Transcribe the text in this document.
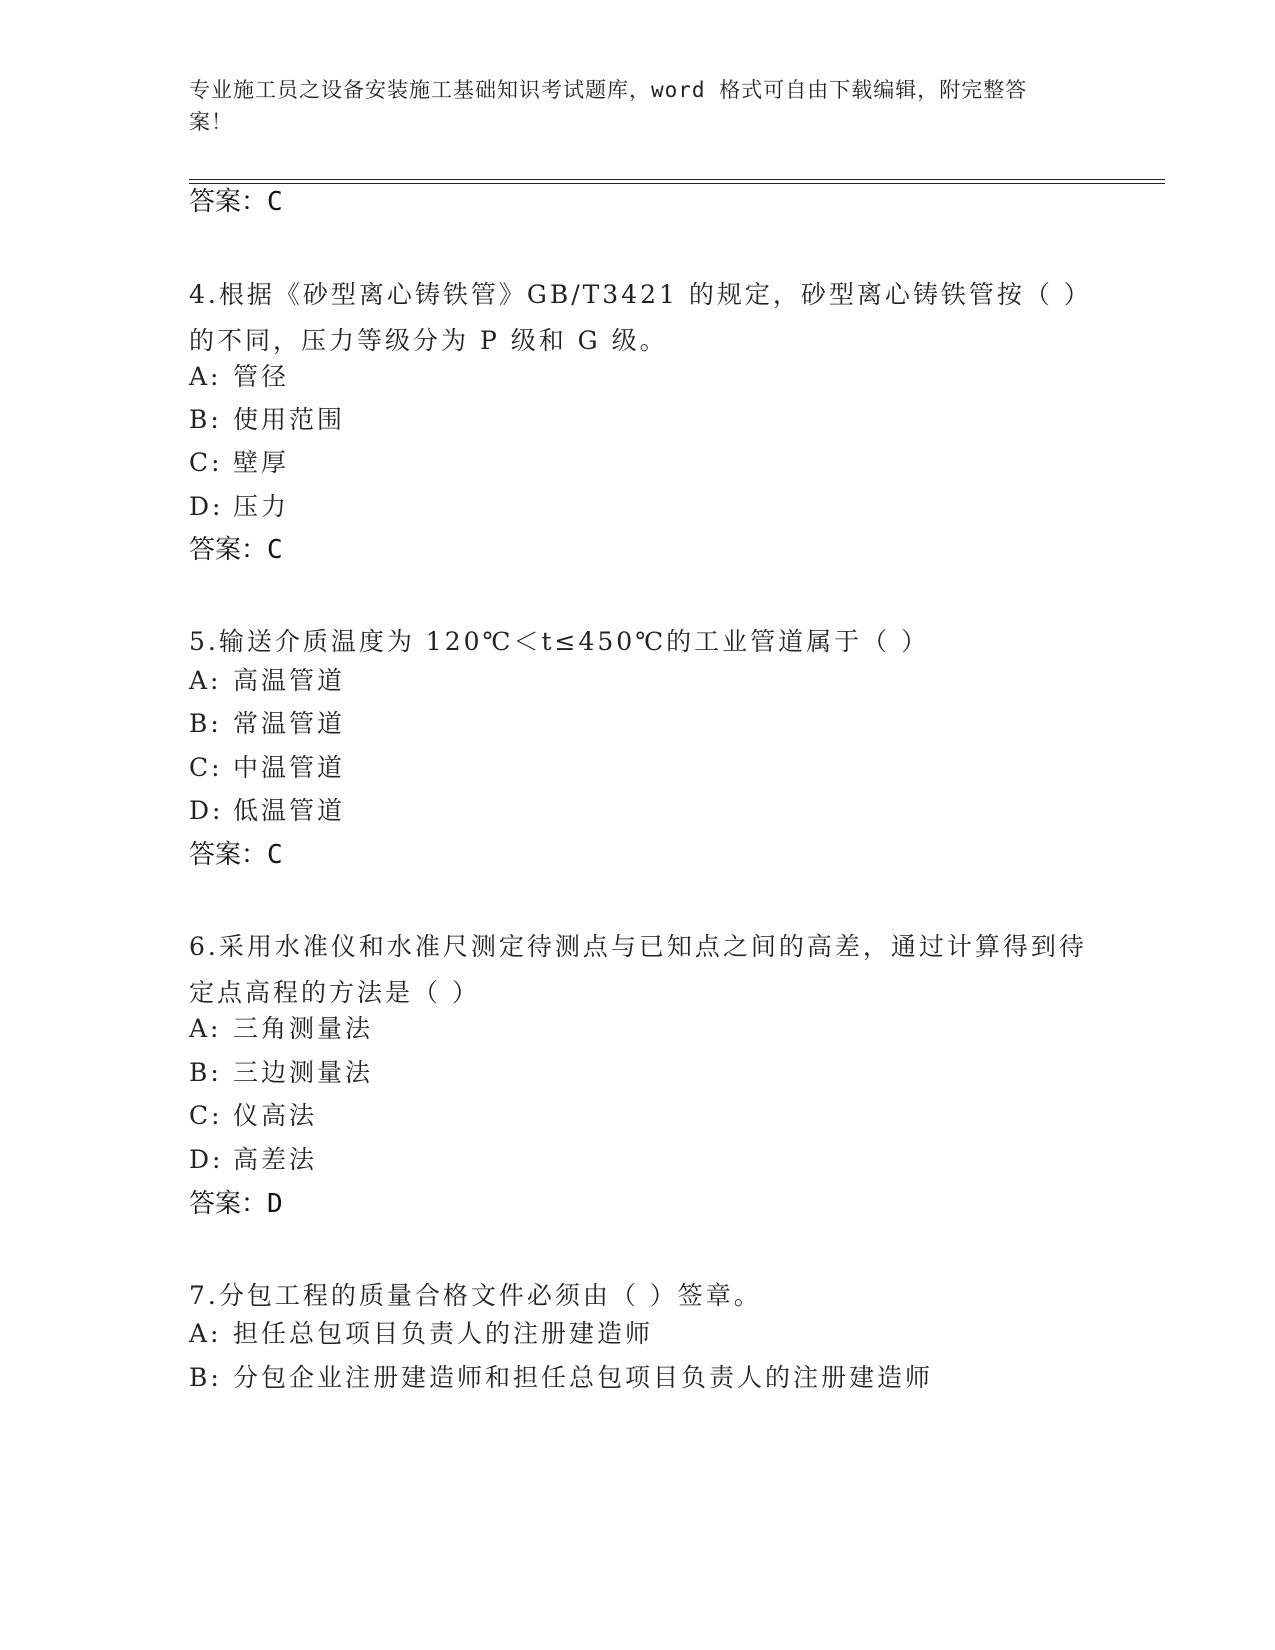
专业施工员之设备安装施工基础知识考试题库，word 格式可自由下载编辑，附完整答案！
答案：C

4.根据《砂型离心铸铁管》GB/T3421 的规定，砂型离心铸铁管按（ ）的不同，压力等级分为 P 级和 G 级。

A: 管径
B: 使用范围
C: 壁厚
D: 压力
答案：C

5.输送介质温度为 120℃＜t≤450℃的工业管道属于（ ）

A: 高温管道
B: 常温管道
C: 中温管道
D: 低温管道
答案：C

6.采用水准仪和水准尺测定待测点与已知点之间的高差，通过计算得到待定点高程的方法是（ ）

A: 三角测量法
B: 三边测量法
C: 仪高法
D: 高差法
答案：D

7.分包工程的质量合格文件必须由（ ）签章。

A: 担任总包项目负责人的注册建造师
B: 分包企业注册建造师和担任总包项目负责人的注册建造师
